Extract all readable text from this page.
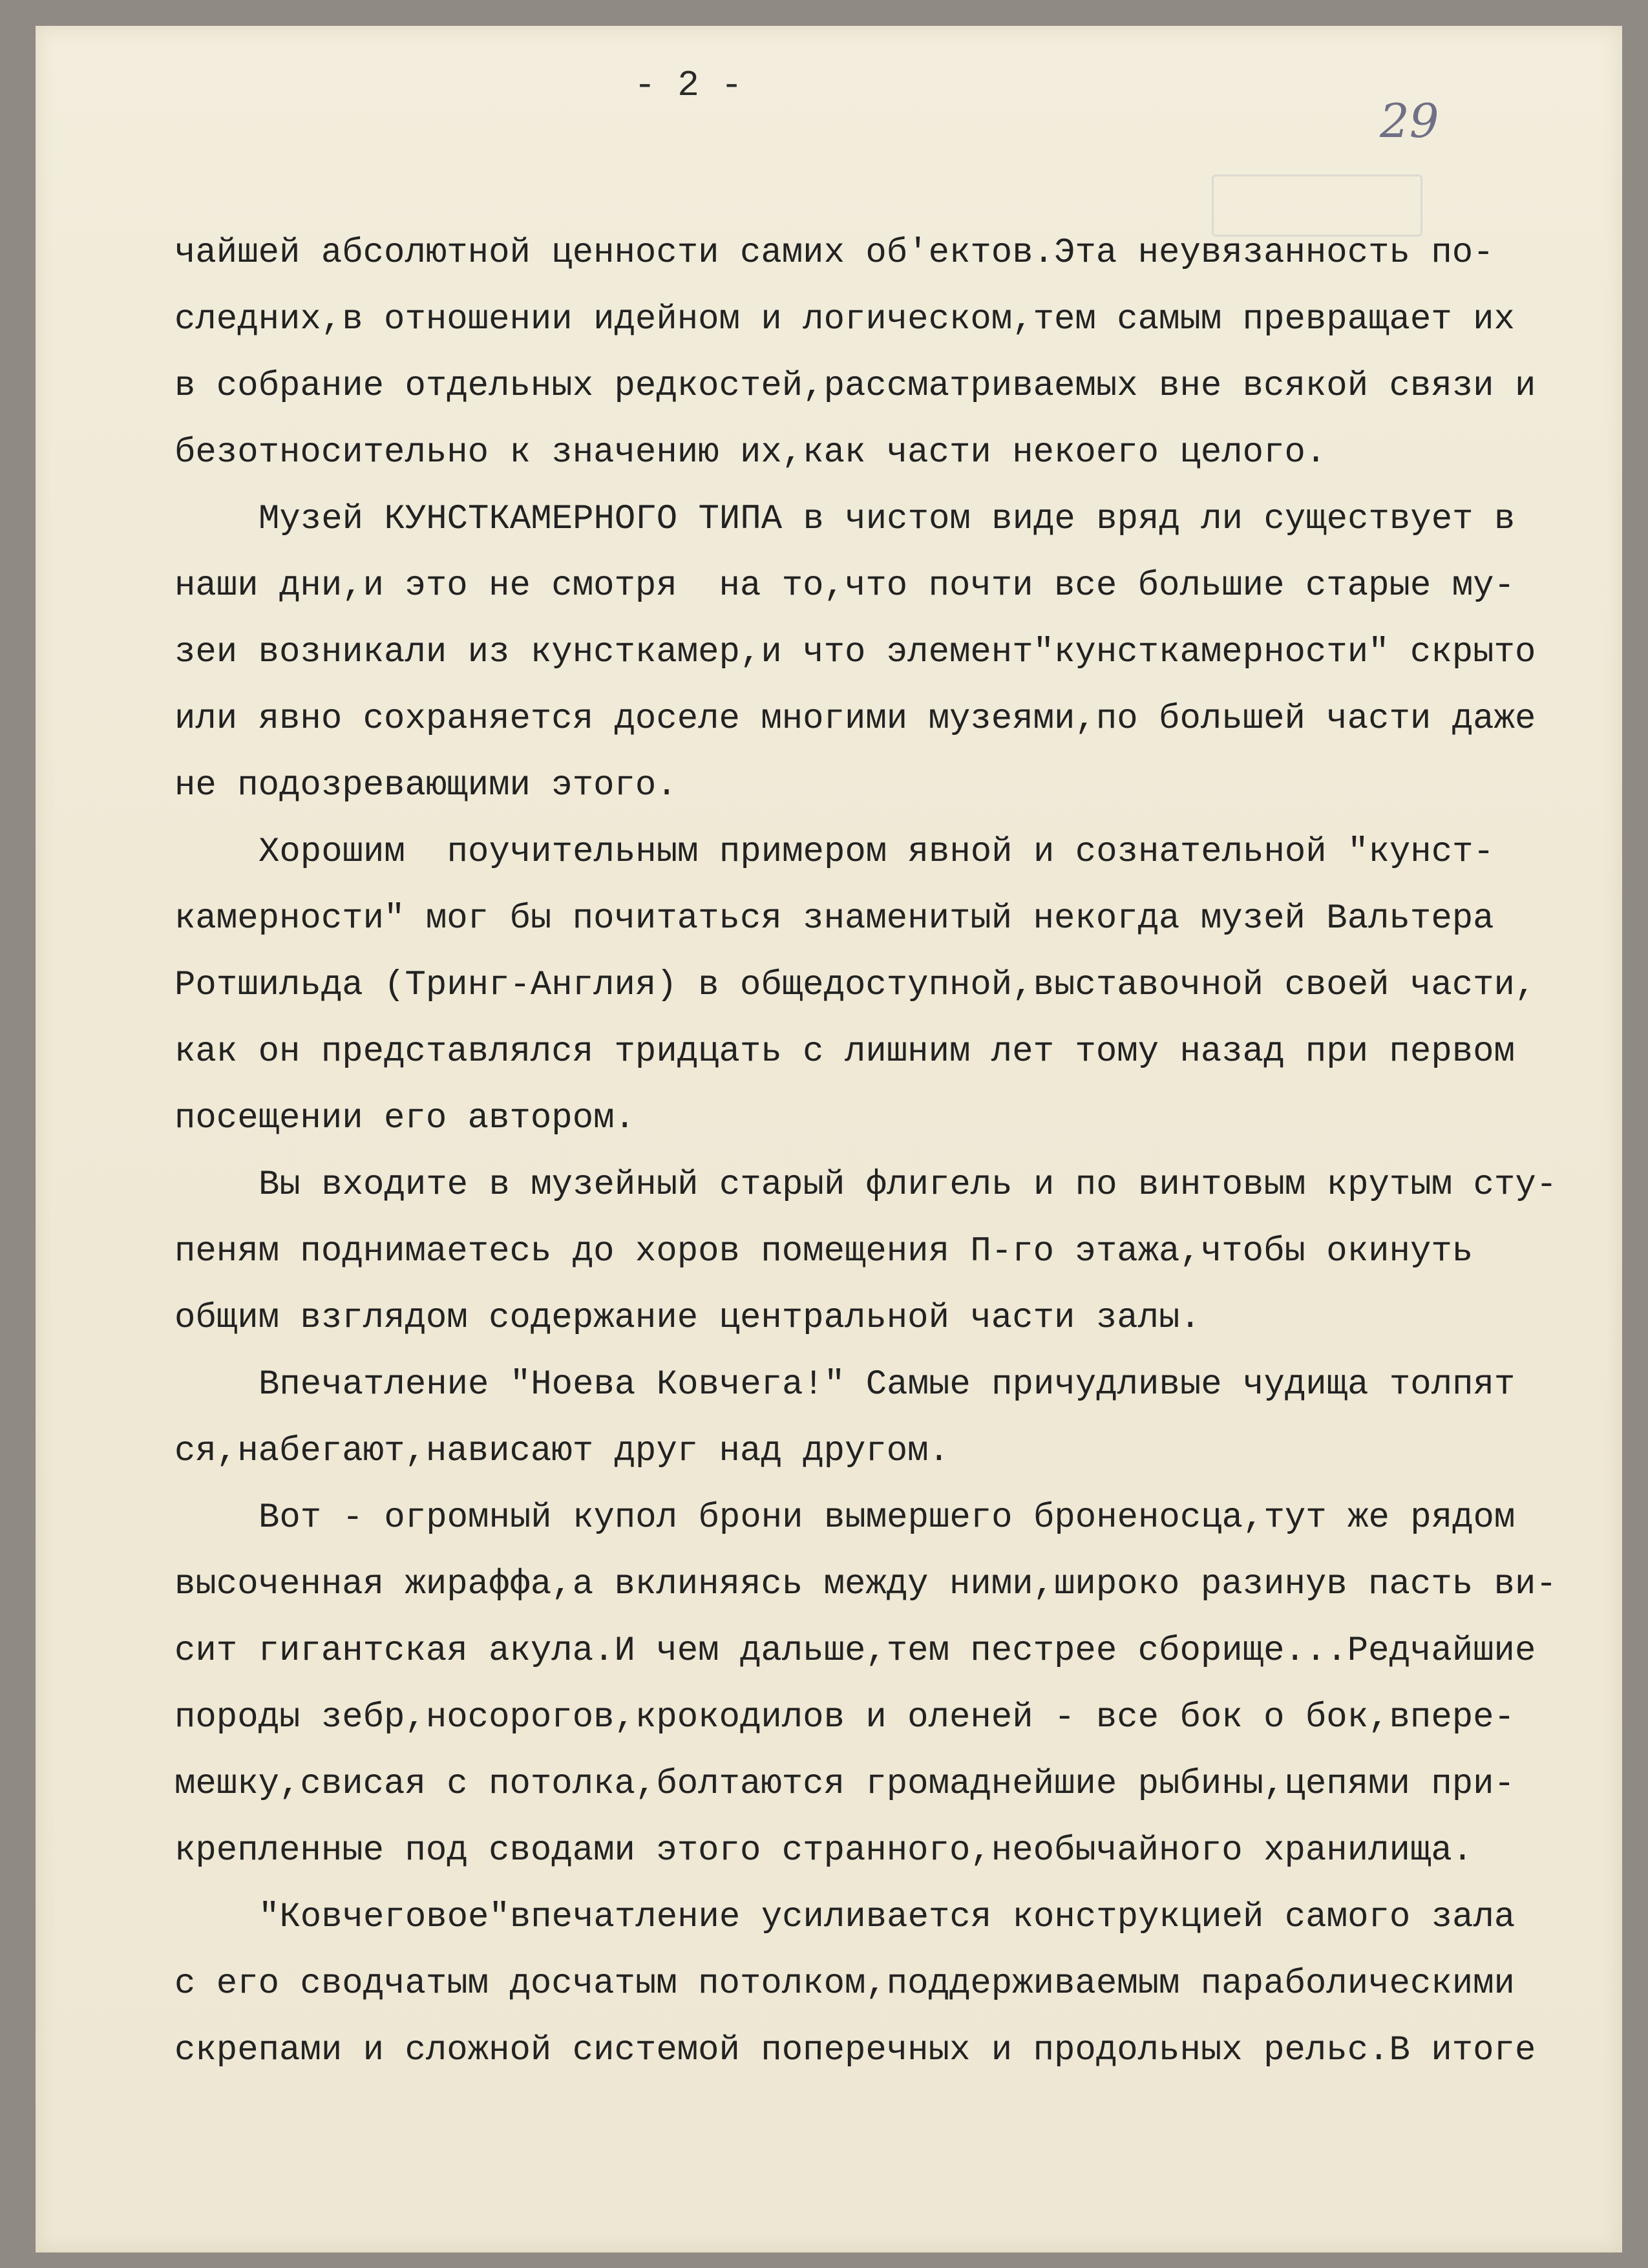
- 2 -
29
чайшей абсолютной ценности самих об'ектов.Эта неувязанность по-
следних,в отношении идейном и логическом,тем самым превращает их
в собрание отдельных редкостей,рассматриваемых вне всякой связи и
безотносительно к значению их,как части некоего целого.
Музей КУНСТКАМЕРНОГО ТИПА в чистом виде вряд ли существует в
наши дни,и это не смотря  на то,что почти все большие старые му-
зеи возникали из кунсткамер,и что элемент"кунсткамерности" скрыто
или явно сохраняется доселе многими музеями,по большей части даже
не подозревающими этого.
Хорошим  поучительным примером явной и сознательной "кунст-
камерности" мог бы почитаться знаменитый некогда музей Вальтера
Ротшильда (Тринг-Англия) в общедоступной,выставочной своей части,
как он представлялся тридцать с лишним лет тому назад при первом
посещении его автором.
Вы входите в музейный старый флигель и по винтовым крутым сту-
пеням поднимаетесь до хоров помещения П-го этажа,чтобы окинуть
общим взглядом содержание центральной части залы.
Впечатление "Ноева Ковчега!" Самые причудливые чудища толпят
ся,набегают,нависают друг над другом.
Вот - огромный купол брони вымершего броненосца,тут же рядом
высоченная жираффа,а вклиняясь между ними,широко разинув пасть ви-
сит гигантская акула.И чем дальше,тем пестрее сборище...Редчайшие
породы зебр,носорогов,крокодилов и оленей - все бок о бок,впере-
мешку,свисая с потолка,болтаются громаднейшие рыбины,цепями при-
крепленные под сводами этого странного,необычайного хранилища.
"Ковчеговое"впечатление усиливается конструкцией самого зала
с его сводчатым досчатым потолком,поддерживаемым параболическими
скрепами и сложной системой поперечных и продольных рельс.В итоге
